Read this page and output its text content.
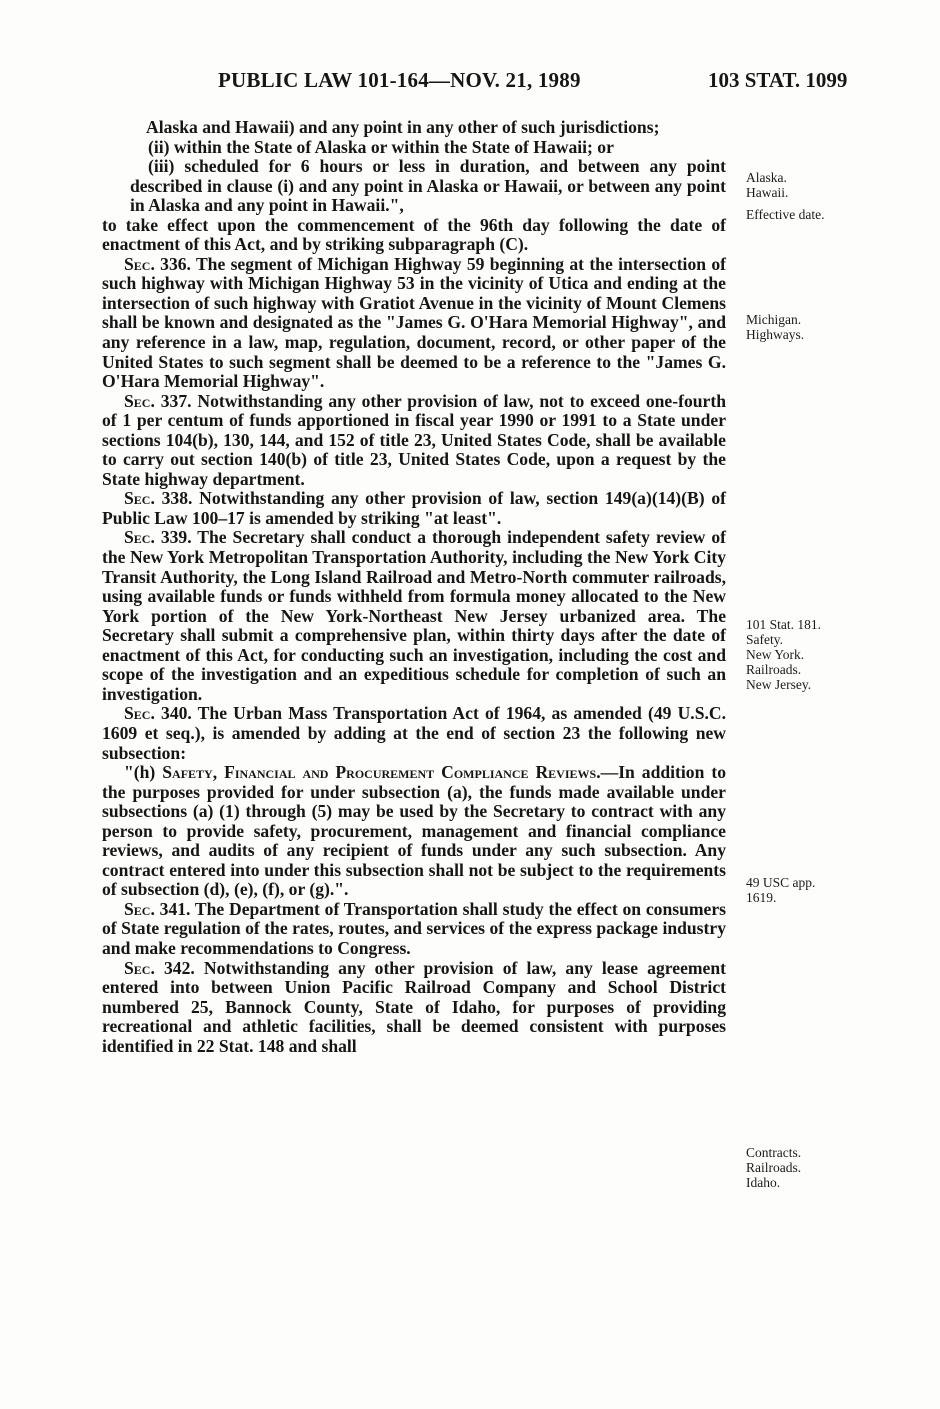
PUBLIC LAW 101-164—NOV. 21, 1989	103 STAT. 1099

Alaska and Hawaii) and any point in any other of such jurisdictions;

(ii) within the State of Alaska or within the State of Hawaii; or

(iii) scheduled for 6 hours or less in duration, and between any point described in clause (i) and any point in Alaska or Hawaii, or between any point in Alaska and any point in Hawaii.",

to take effect upon the commencement of the 96th day following the date of enactment of this Act, and by striking subparagraph (C).

Sec. 336. The segment of Michigan Highway 59 beginning at the intersection of such highway with Michigan Highway 53 in the vicinity of Utica and ending at the intersection of such highway with Gratiot Avenue in the vicinity of Mount Clemens shall be known and designated as the "James G. O'Hara Memorial Highway", and any reference in a law, map, regulation, document, record, or other paper of the United States to such segment shall be deemed to be a reference to the "James G. O'Hara Memorial Highway".

Sec. 337. Notwithstanding any other provision of law, not to exceed one-fourth of 1 per centum of funds apportioned in fiscal year 1990 or 1991 to a State under sections 104(b), 130, 144, and 152 of title 23, United States Code, shall be available to carry out section 140(b) of title 23, United States Code, upon a request by the State highway department.

Sec. 338. Notwithstanding any other provision of law, section 149(a)(14)(B) of Public Law 100–17 is amended by striking "at least".

Sec. 339. The Secretary shall conduct a thorough independent safety review of the New York Metropolitan Transportation Authority, including the New York City Transit Authority, the Long Island Railroad and Metro-North commuter railroads, using available funds or funds withheld from formula money allocated to the New York portion of the New York-Northeast New Jersey urbanized area. The Secretary shall submit a comprehensive plan, within thirty days after the date of enactment of this Act, for conducting such an investigation, including the cost and scope of the investigation and an expeditious schedule for completion of such an investigation.

Sec. 340. The Urban Mass Transportation Act of 1964, as amended (49 U.S.C. 1609 et seq.), is amended by adding at the end of section 23 the following new subsection:

"(h) Safety, Financial and Procurement Compliance Reviews.—In addition to the purposes provided for under subsection (a), the funds made available under subsections (a) (1) through (5) may be used by the Secretary to contract with any person to provide safety, procurement, management and financial compliance reviews, and audits of any recipient of funds under any such subsection. Any contract entered into under this subsection shall not be subject to the requirements of subsection (d), (e), (f), or (g).".

Sec. 341. The Department of Transportation shall study the effect on consumers of State regulation of the rates, routes, and services of the express package industry and make recommendations to Congress.

Sec. 342. Notwithstanding any other provision of law, any lease agreement entered into between Union Pacific Railroad Company and School District numbered 25, Bannock County, State of Idaho, for purposes of providing recreational and athletic facilities, shall be deemed consistent with purposes identified in 22 Stat. 148 and shall

Alaska.
Hawaii.
Effective date.
Michigan.
Highways.
101 Stat. 181.
Safety.
New York.
Railroads.
New Jersey.
49 USC app.
1619.
Contracts.
Railroads.
Idaho.
